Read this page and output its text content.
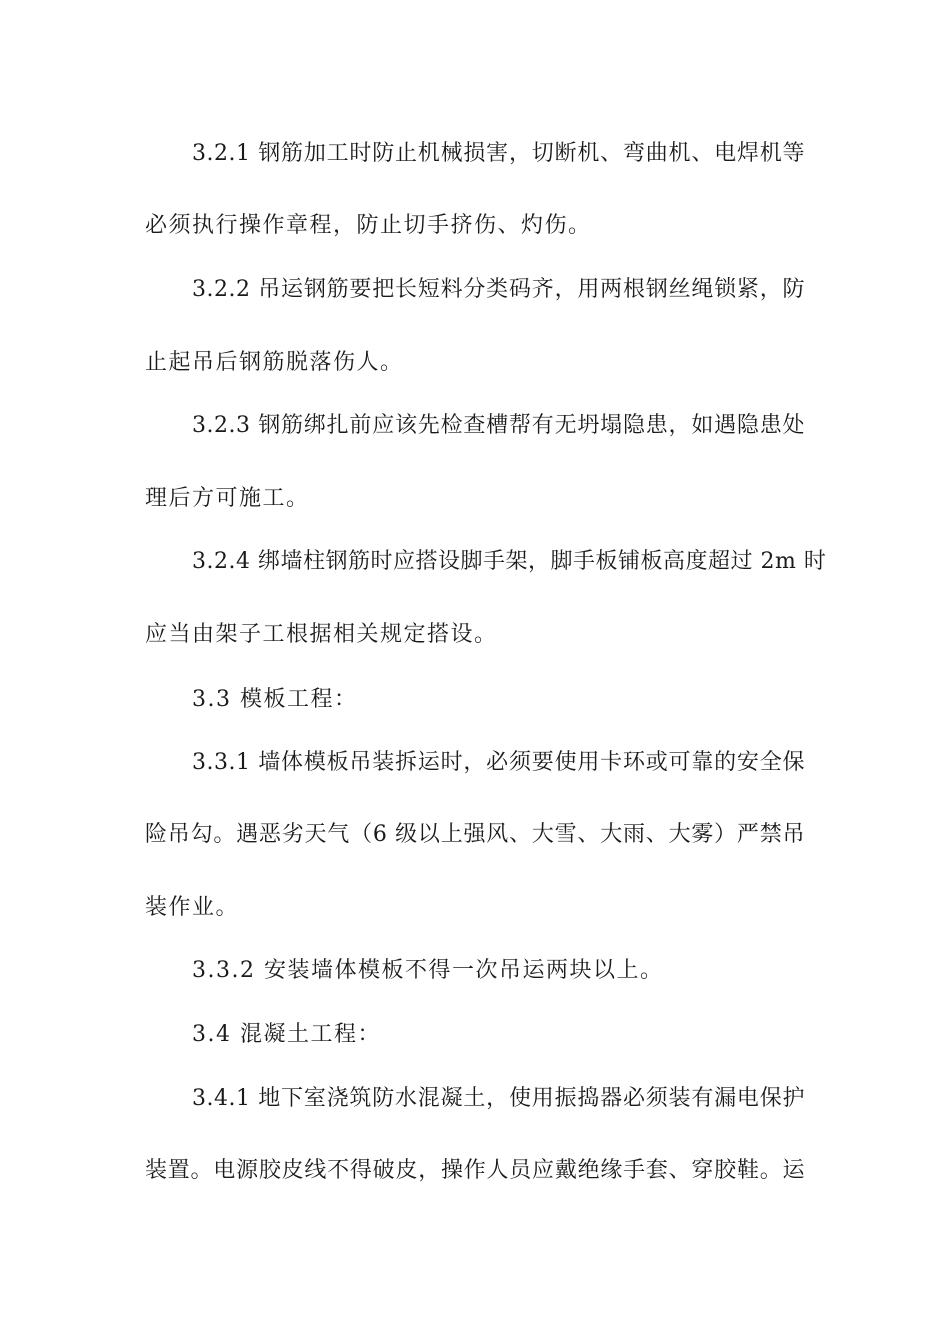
3.2.1 钢筋加工时防止机械损害，切断机、弯曲机、电焊机等
必须执行操作章程，防止切手挤伤、灼伤。
3.2.2 吊运钢筋要把长短料分类码齐，用两根钢丝绳锁紧，防
止起吊后钢筋脱落伤人。
3.2.3 钢筋绑扎前应该先检查槽帮有无坍塌隐患，如遇隐患处
理后方可施工。
3.2.4 绑墙柱钢筋时应搭设脚手架，脚手板铺板高度超过 2m 时
应当由架子工根据相关规定搭设。
3.3 模板工程：
3.3.1 墙体模板吊装拆运时，必须要使用卡环或可靠的安全保
险吊勾。遇恶劣天气（6 级以上强风、大雪、大雨、大雾）严禁吊
装作业。
3.3.2 安装墙体模板不得一次吊运两块以上。
3.4 混凝土工程：
3.4.1 地下室浇筑防水混凝土，使用振捣器必须装有漏电保护
装置。电源胶皮线不得破皮，操作人员应戴绝缘手套、穿胶鞋。运
